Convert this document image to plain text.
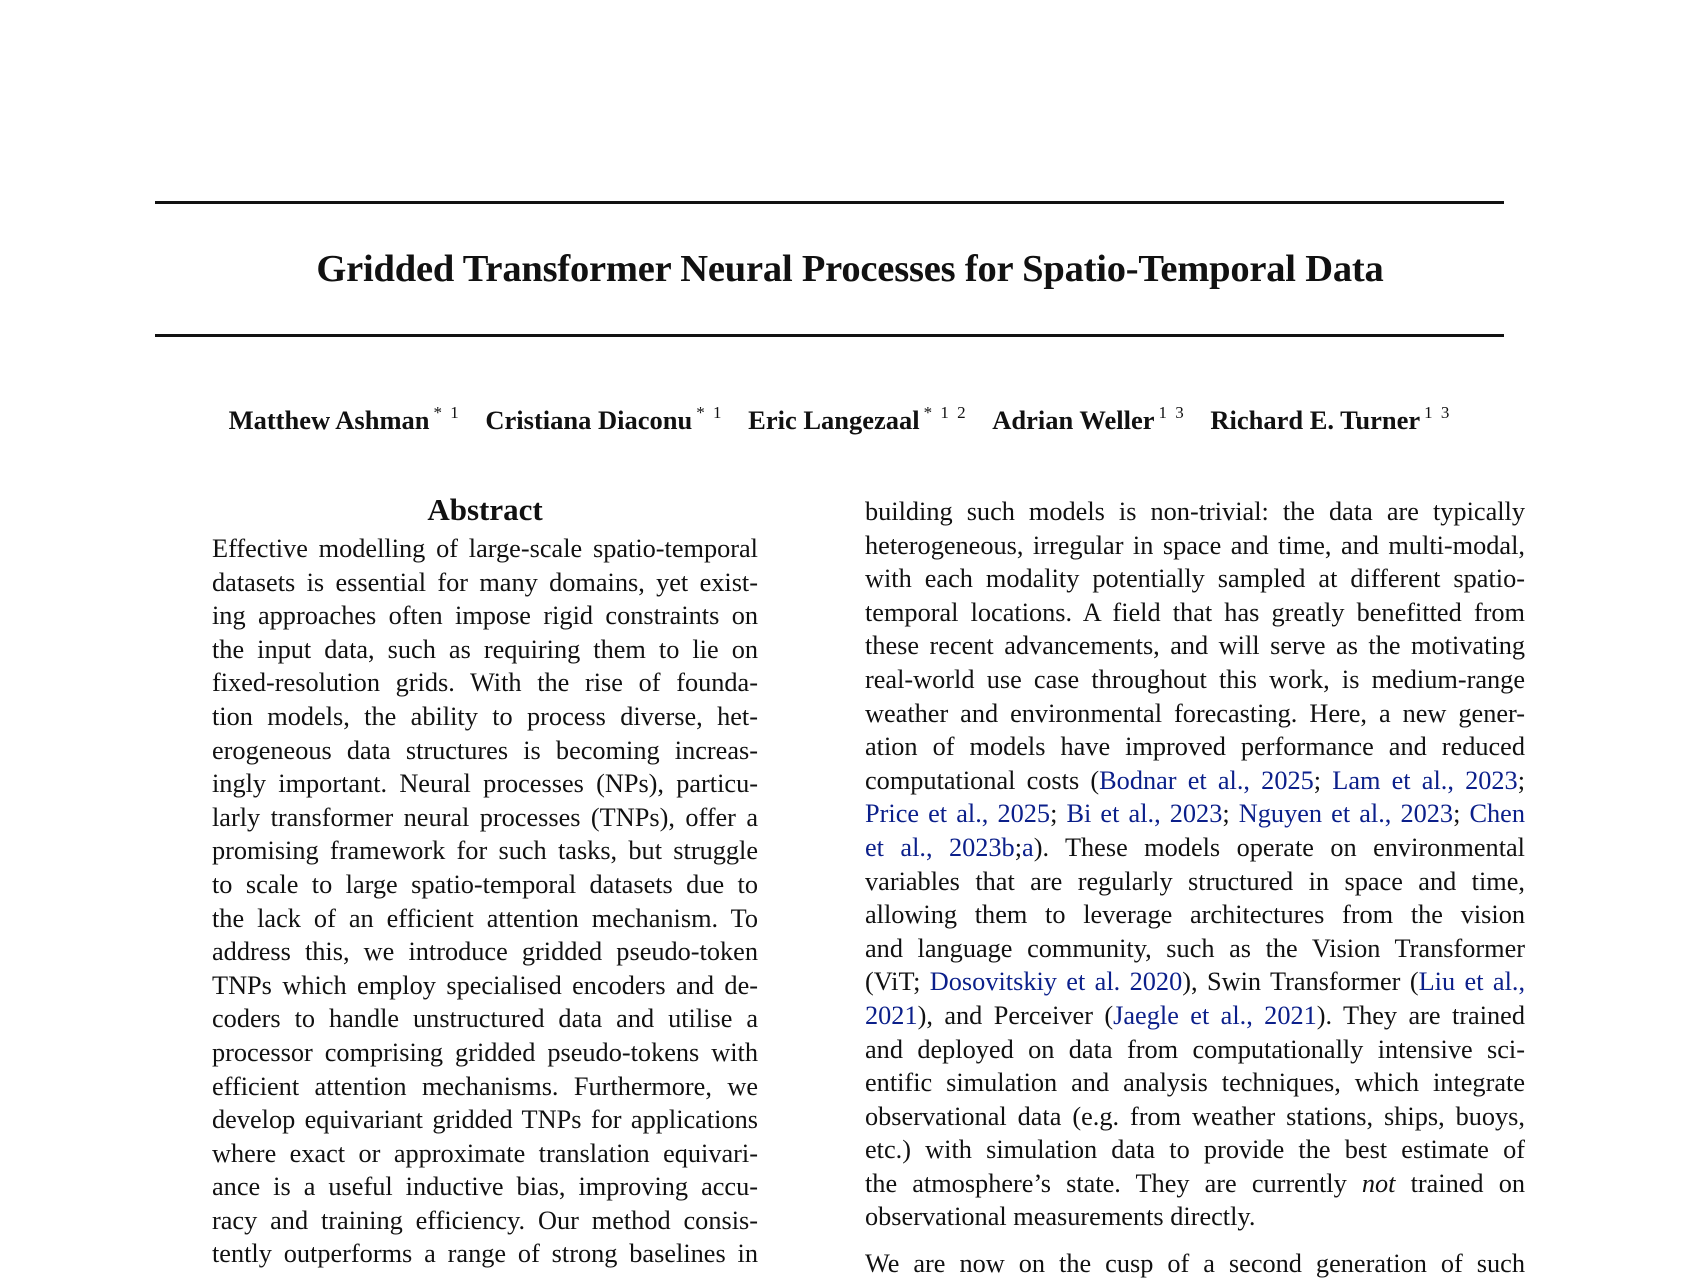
Gridded Transformer Neural Processes for Spatio-Temporal Data
Matthew Ashman $^{* 1}$ Cristiana Diaconu $^{* 1}$ Eric Langezaal $^{* 1 2}$ Adrian Weller $^{1 3}$ Richard E. Turner $^{1 3}$
Abstract
Effective modelling of large-scale spatio-temporal
datasets is essential for many domains, yet exist-
ing approaches often impose rigid constraints on
the input data, such as requiring them to lie on
fixed-resolution grids. With the rise of founda-
tion models, the ability to process diverse, het-
erogeneous data structures is becoming increas-
ingly important. Neural processes (NPs), particu-
larly transformer neural processes (TNPs), offer a
promising framework for such tasks, but struggle
to scale to large spatio-temporal datasets due to
the lack of an efficient attention mechanism. To
address this, we introduce gridded pseudo-token
TNPs which employ specialised encoders and de-
coders to handle unstructured data and utilise a
processor comprising gridded pseudo-tokens with
efficient attention mechanisms. Furthermore, we
develop equivariant gridded TNPs for applications
where exact or approximate translation equivari-
ance is a useful inductive bias, improving accu-
racy and training efficiency. Our method consis-
tently outperforms a range of strong baselines in
building such models is non-trivial: the data are typically
heterogeneous, irregular in space and time, and multi-modal,
with each modality potentially sampled at different spatio-
temporal locations. A field that has greatly benefitted from
these recent advancements, and will serve as the motivating
real-world use case throughout this work, is medium-range
weather and environmental forecasting. Here, a new gener-
ation of models have improved performance and reduced
computational costs (Bodnar et al., 2025; Lam et al., 2023;
Price et al., 2025; Bi et al., 2023; Nguyen et al., 2023; Chen
et al., 2023b;a). These models operate on environmental
variables that are regularly structured in space and time,
allowing them to leverage architectures from the vision
and language community, such as the Vision Transformer
(ViT; Dosovitskiy et al. 2020), Swin Transformer (Liu et al.,
2021), and Perceiver (Jaegle et al., 2021). They are trained
and deployed on data from computationally intensive sci-
entific simulation and analysis techniques, which integrate
observational data (e.g. from weather stations, ships, buoys,
etc.) with simulation data to provide the best estimate of
the atmosphere’s state. They are currently not trained on
observational measurements directly.
We are now on the cusp of a second generation of such
